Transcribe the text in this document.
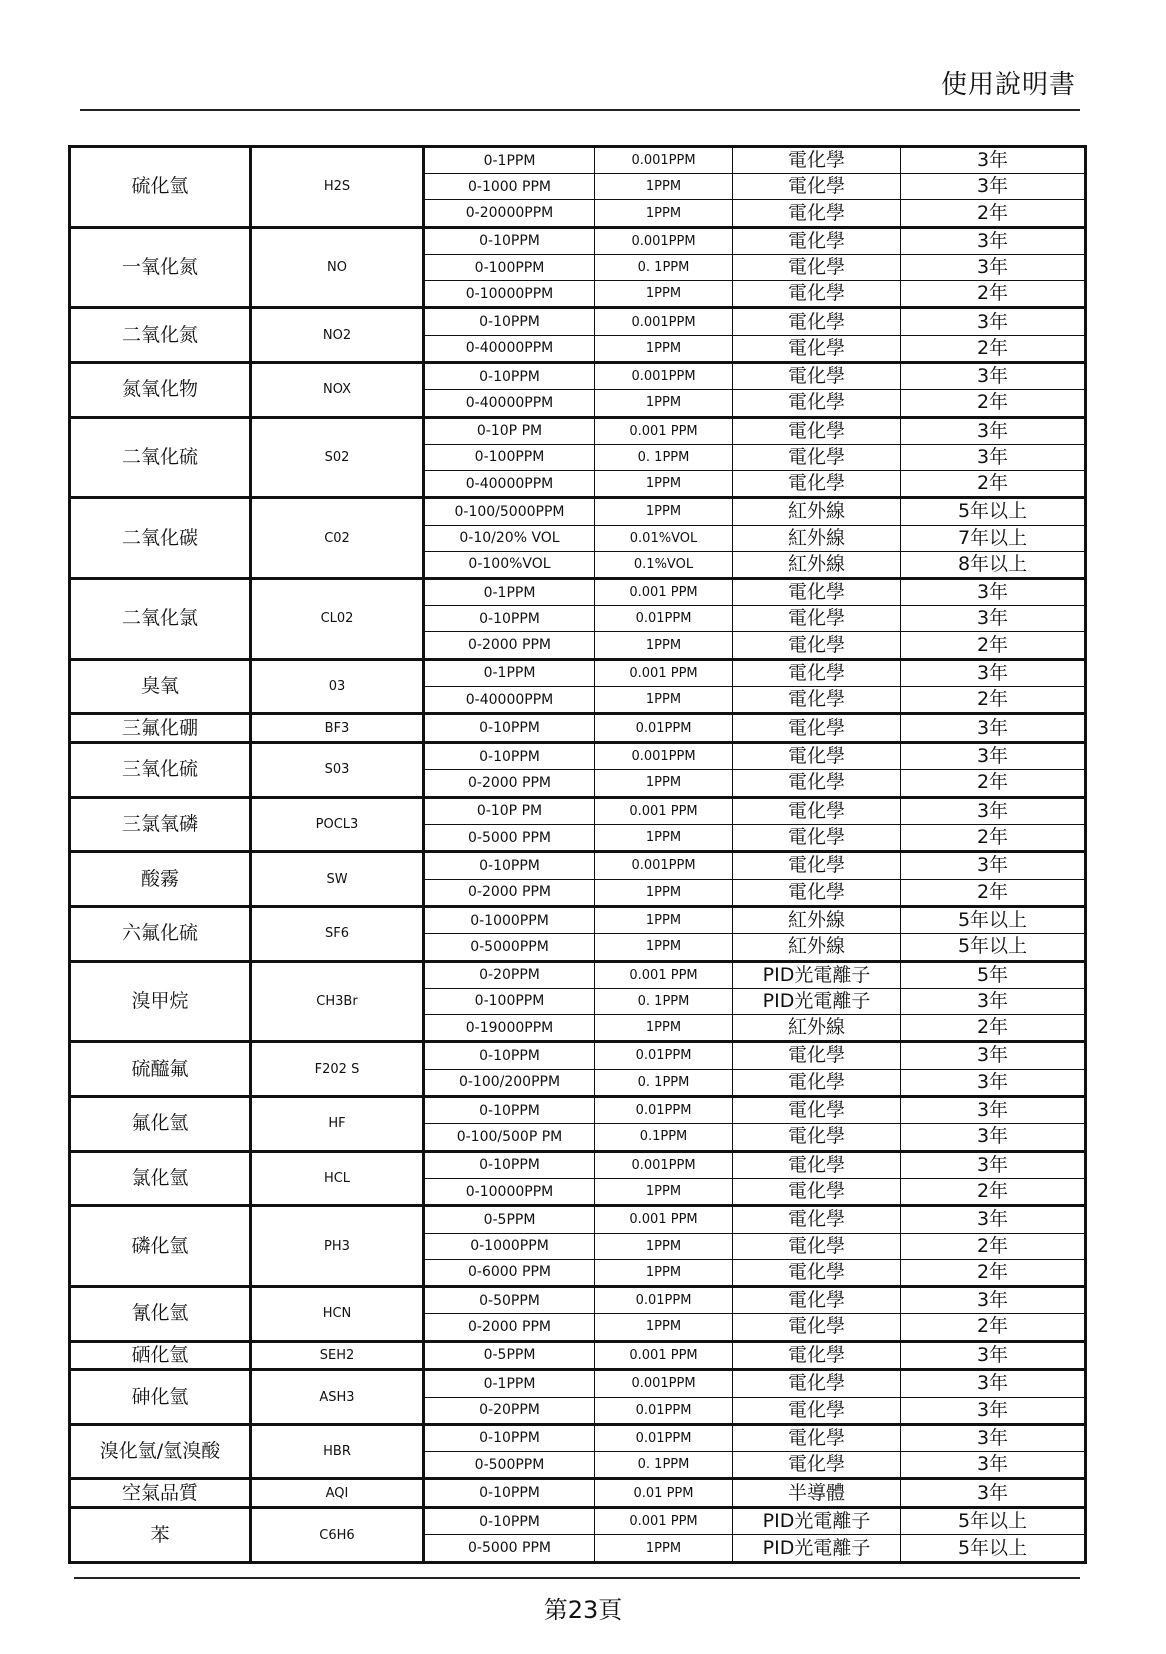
使用說明書
硫化氫	H2S	0-1PPM	0.001PPM	電化學	3年
		0-1000 PPM	1PPM	電化學	3年
		0-20000PPM	1PPM	電化學	2年
一氧化氮	NO	0-10PPM	0.001PPM	電化學	3年
		0-100PPM	0. 1PPM	電化學	3年
		0-10000PPM	1PPM	電化學	2年
二氧化氮	NO2	0-10PPM	0.001PPM	電化學	3年
		0-40000PPM	1PPM	電化學	2年
氮氧化物	NOX	0-10PPM	0.001PPM	電化學	3年
		0-40000PPM	1PPM	電化學	2年
二氧化硫	S02	0-10P PM	0.001 PPM	電化學	3年
		0-100PPM	0. 1PPM	電化學	3年
		0-40000PPM	1PPM	電化學	2年
二氧化碳	C02	0-100/5000PPM	1PPM	紅外線	5年以上
		0-10/20% VOL	0.01%VOL	紅外線	7年以上
		0-100%VOL	0.1%VOL	紅外線	8年以上
二氧化氯	CL02	0-1PPM	0.001 PPM	電化學	3年
		0-10PPM	0.01PPM	電化學	3年
		0-2000 PPM	1PPM	電化學	2年
臭氧	03	0-1PPM	0.001 PPM	電化學	3年
		0-40000PPM	1PPM	電化學	2年
三氟化硼	BF3	0-10PPM	0.01PPM	電化學	3年
三氧化硫	S03	0-10PPM	0.001PPM	電化學	3年
		0-2000 PPM	1PPM	電化學	2年
三氯氧磷	POCL3	0-10P PM	0.001 PPM	電化學	3年
		0-5000 PPM	1PPM	電化學	2年
酸霧	SW	0-10PPM	0.001PPM	電化學	3年
		0-2000 PPM	1PPM	電化學	2年
六氟化硫	SF6	0-1000PPM	1PPM	紅外線	5年以上
		0-5000PPM	1PPM	紅外線	5年以上
溴甲烷	CH3Br	0-20PPM	0.001 PPM	PID光電離子	5年
		0-100PPM	0. 1PPM	PID光電離子	3年
		0-19000PPM	1PPM	紅外線	2年
硫醯氟	F202 S	0-10PPM	0.01PPM	電化學	3年
		0-100/200PPM	0. 1PPM	電化學	3年
氟化氫	HF	0-10PPM	0.01PPM	電化學	3年
		0-100/500P PM	0.1PPM	電化學	3年
氯化氫	HCL	0-10PPM	0.001PPM	電化學	3年
		0-10000PPM	1PPM	電化學	2年
磷化氫	PH3	0-5PPM	0.001 PPM	電化學	3年
		0-1000PPM	1PPM	電化學	2年
		0-6000 PPM	1PPM	電化學	2年
氰化氫	HCN	0-50PPM	0.01PPM	電化學	3年
		0-2000 PPM	1PPM	電化學	2年
硒化氫	SEH2	0-5PPM	0.001 PPM	電化學	3年
砷化氫	ASH3	0-1PPM	0.001PPM	電化學	3年
		0-20PPM	0.01PPM	電化學	3年
溴化氫/氫溴酸	HBR	0-10PPM	0.01PPM	電化學	3年
		0-500PPM	0. 1PPM	電化學	3年
空氣品質	AQI	0-10PPM	0.01 PPM	半導體	3年
苯	C6H6	0-10PPM	0.001 PPM	PID光電離子	5年以上
		0-5000 PPM	1PPM	PID光電離子	5年以上
第23頁
